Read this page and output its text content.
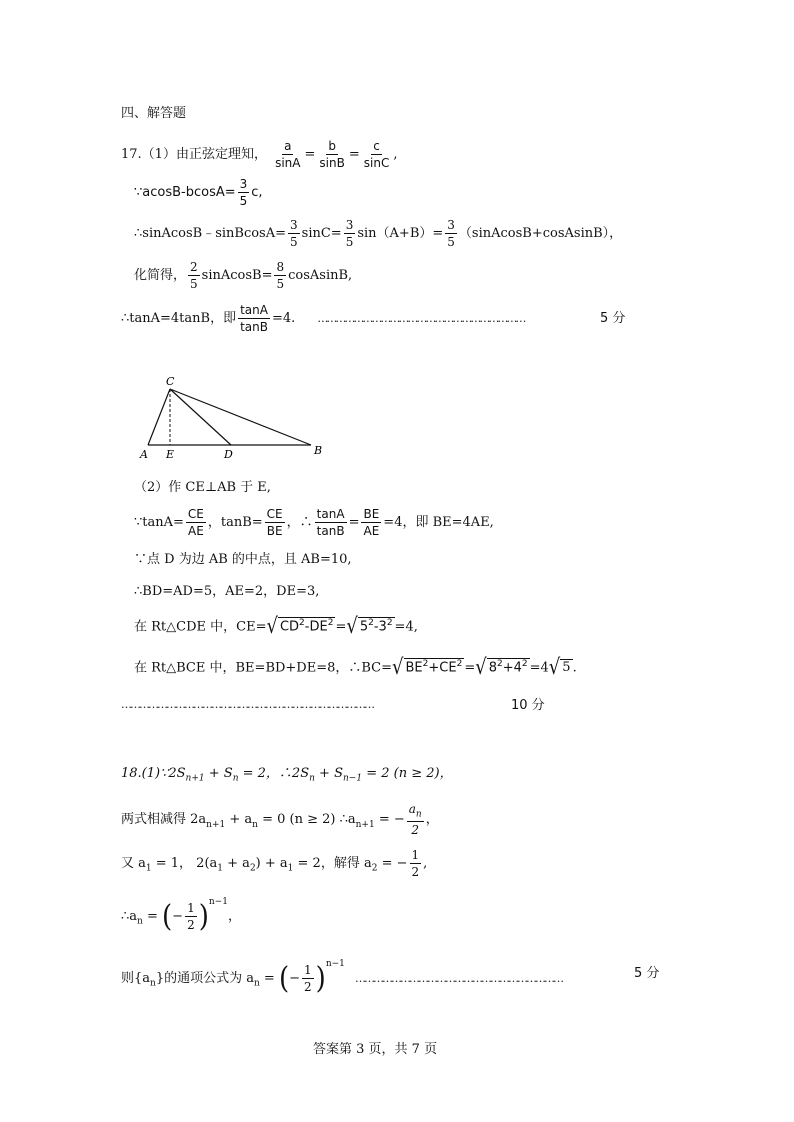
四、解答题
17.（1）由正弦定理知， $\frac{a}{\sin A} = \frac{b}{\sin B} = \frac{c}{\sin C}$ ,
∵acosB-bcosA= $\frac{3}{5} c$,
∴sinAcosB﹣sinBcosA= $\frac{3}{5} \sin C= \frac{3}{5} \sin(A+B)= \frac{3}{5}$ （sinAcosB+cosAsinB），
化简得， $\frac{2}{5}$ sinAcosB= $\frac{8}{5}$ cosAsinB,
∴tanA=4tanB，即 $\frac{\tan A}{\tan B} =4$. ……………………………………………………………	5 分
C
A E	D	B
（2）作 CE⊥AB 于 E,
∵tanA= $\frac{CE}{AE}$ ，$\tan B= \frac{CE}{BE}$ ，∴ $\frac{\tan A}{\tan B} = \frac{BE}{AE} =4$，即 BE=4AE,
∵点 D 为边 AB 的中点，且 AB=10,
∴BD=AD=5，AE=2，DE=3,
在 Rt△CDE 中，CE=√ $CD^2-DE^2$ =√ $5^2-3^2 =4$,
在 Rt△BCE 中，BE=BD+DE=8，∴BC=√ $BE^2+CE^2$ =√ $8^2+4^2 =4√$ 5 .
…………………………………………………………………………	10 分
$18.(1)\because 2S_{n+1} + S_n = 2$，$\therefore 2S_n + S_{n-1} = 2$ (n ≥ 2)，
两式相减得 $2a_{n+1} + a_n = 0$ (n ≥ 2) $\therefore a_{n+1}$ = − $\frac{a_n}{2}$ ，
又 $a_1 = 1$， $2(a_1 + a_2) + a_1 = 2$，解得 $a_2$ = − $\frac{1}{2}$ ,
$\therefore a_n$ = (− $\frac{1}{2} )^{n-1}$，
则$\{a_n\}$的通项公式为 $a_n$ = (− $\frac{1}{2} )^{n-1}$ ……………………………………………………………	5 分
答案第 3 页，共 7 页
